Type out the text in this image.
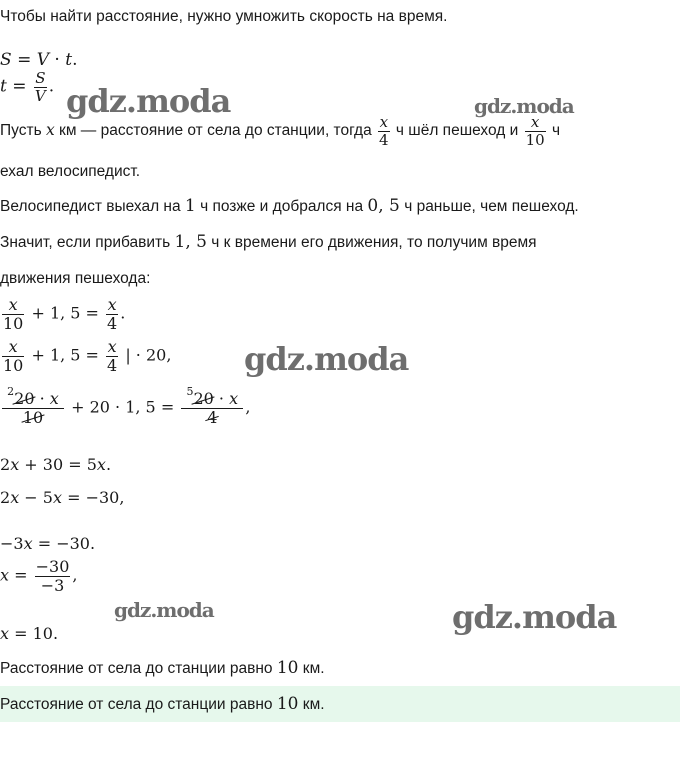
Чтобы найти расстояние, нужно умножить скорость на время.
S = V · t.
$t = \frac{S}{V}$ .
Пусть x км — расстояние от села до станции, тогда $\frac{x}{4}$ ч шёл пешеход и $\frac{x}{10}$ ч
ехал велосипедист.
Велосипедист выехал на 1 ч позже и добрался на 0, 5 ч раньше, чем пешеход.
Значит, если прибавить 1, 5 ч к времени его движения, то получим время
движения пешехода:
$\frac{x}{10} + 1$, $5 = \frac{x}{4}$ .
$\frac{x}{10} + 1$, $5 = \frac{x}{4}$ | · 20,
$\frac{^220 \cdot x}{10} + 20 \cdot 1$, $5 = \frac{^520 \cdot x}{4}$ ,
2x + 30 = 5x.
2x − 5x = −30,
−3x = −30.
$x = \frac{-30}{-3}$ ,
x = 10.
Расстояние от села до станции равно 10 км.
Расстояние от села до станции равно 10 км.
gdz.moda	gdz.moda
gdz.moda
gdz.moda	gdz.moda
